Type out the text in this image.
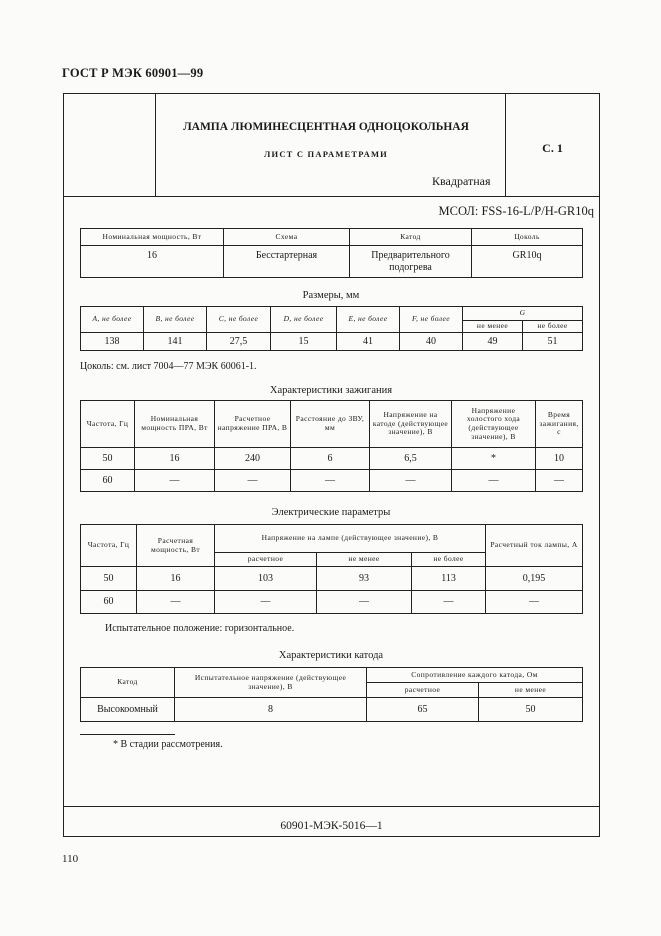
ГОСТ Р МЭК 60901—99
ЛАМПА ЛЮМИНЕСЦЕНТНАЯ ОДНОЦОКОЛЬНАЯ
ЛИСТ С ПАРАМЕТРАМИ
Квадратная
С. 1
МСОЛ: FSS-16-L/P/H-GR10q
Номинальная мощность, Вт	Схема	Катод	Цоколь
16	Бесстартерная	Предварительного подогрева	GR10q
Размеры, мм
A, не более	B, не более	C, не более	D, не более	E, не более	F, не более	G	
						не менее	не более
138	141	27,5	15	41	40	49	51
Цоколь: см. лист 7004—77 МЭК 60061-1.
Характеристики зажигания
Частота, Гц	Номинальная мощность ПРА, Вт	Расчетное напряжение ПРА, В	Расстояние до ЗВУ, мм	Напряжение на катоде (действующее значение), В	Напряжение холостого хода (действующее значение), В	Время зажигания, с
50	16	240	6	6,5	*	10
60	—	—	—	—	—	—
Электрические параметры
Частота, Гц	Расчетная мощность, Вт	Напряжение на лампе (действующее значение), В			Расчетный ток лампы, А
		расчетное	не менее	не более	
50	16	103	93	113	0,195
60	—	—	—	—	—
Испытательное положение: горизонтальное.
Характеристики катода
Катод	Испытательное напряжение (действующее значение), В	Сопротивление каждого катода, Ом	
		расчетное	не менее
Высокоомный	8	65	50
* В стадии рассмотрения.
60901-МЭК-5016—1
110
